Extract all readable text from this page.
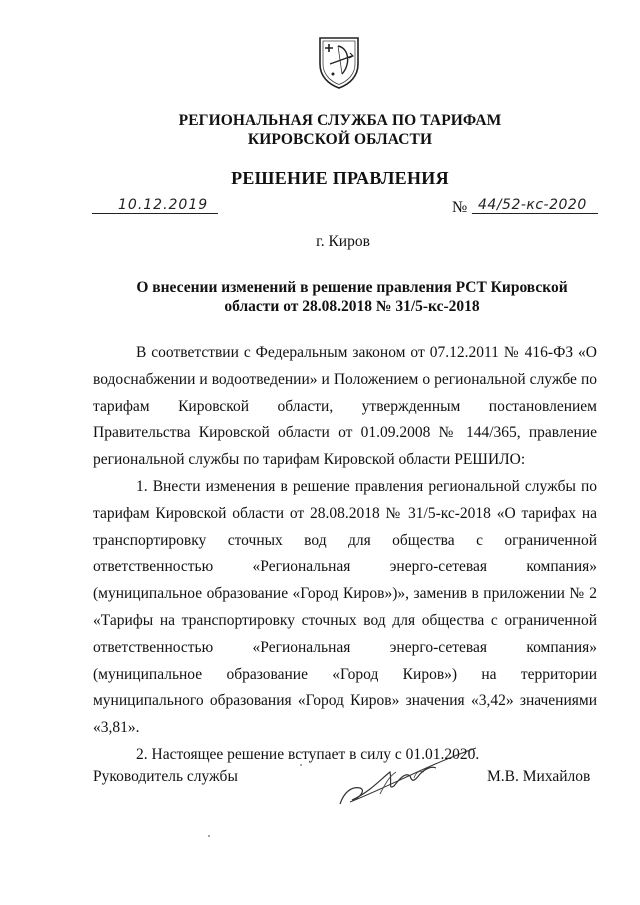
РЕГИОНАЛЬНАЯ СЛУЖБА ПО ТАРИФАМ
КИРОВСКОЙ ОБЛАСТИ
РЕШЕНИЕ ПРАВЛЕНИЯ
10.12.2019	№ 44/52-кс-2020
г. Киров
О внесении изменений в решение правления РСТ Кировской
области от 28.08.2018 № 31/5-кс-2018

В соответствии с Федеральным законом от 07.12.2011 № 416-ФЗ «О водоснабжении и водоотведении» и Положением о региональной службе по тарифам Кировской области, утвержденным постановлением Правительства Кировской области от 01.09.2008 № 144/365, правление региональной службы по тарифам Кировской области РЕШИЛО:

1. Внести изменения в решение правления региональной службы по тарифам Кировской области от 28.08.2018 № 31/5-кс-2018 «О тарифах на транспортировку сточных вод для общества с ограниченной ответственностью «Региональная энерго-сетевая компания» (муниципальное образование «Город Киров»)», заменив в приложении № 2 «Тарифы на транспортировку сточных вод для общества с ограниченной ответственностью «Региональная энерго-сетевая компания» (муниципальное образование «Город Киров») на территории муниципального образования «Город Киров» значения «3,42» значениями «3,81».

2. Настоящее решение вступает в силу с 01.01.2020.

Руководитель службы	М.В. Михайлов
